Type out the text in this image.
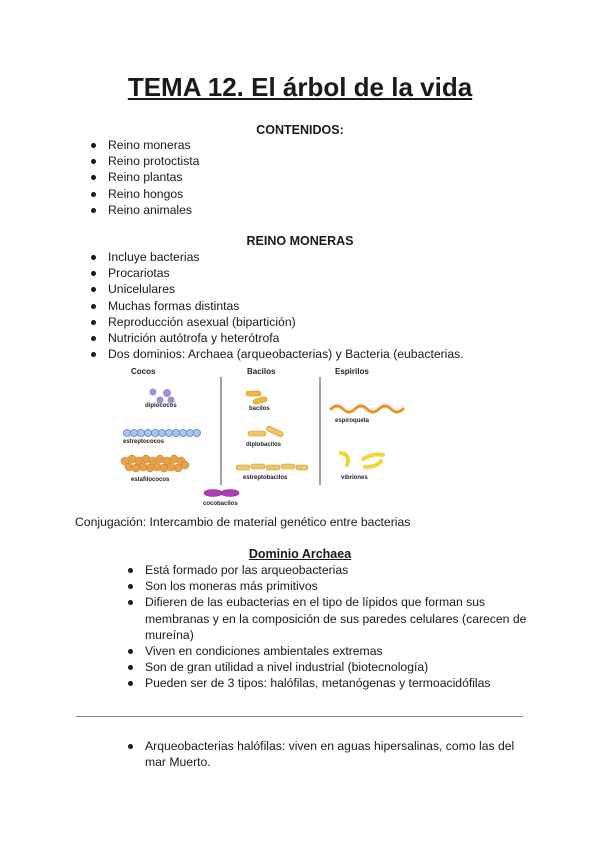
TEMA 12. El árbol de la vida
CONTENIDOS:
Reino moneras
Reino protoctista
Reino plantas
Reino hongos
Reino animales
REINO MONERAS
Incluye bacterias
Procariotas
Unicelulares
Muchas formas distintas
Reproducción asexual (bipartición)
Nutrición autótrofa y heterótrofa
Dos dominios: Archaea (arqueobacterias) y Bacteria (eubacterias.
Cocos	Bacilos	Espirilos
diplococos
estreptococos
estafilococos
bacilos
diplobacilos
estreptobacilos
espiroqueta
vibriones
cocobacilos
Conjugación: Intercambio de material genético entre bacterias
Dominio Archaea
Está formado por las arqueobacterias
Son los moneras más primitivos
Difieren de las eubacterias en el tipo de lípidos que forman sus membranas y en la composición de sus paredes celulares (carecen de mureína)
Viven en condiciones ambientales extremas
Son de gran utilidad a nivel industrial (biotecnología)
Pueden ser de 3 tipos: halófilas, metanógenas y termoacidófilas
Arqueobacterias halófilas: viven en aguas hipersalinas, como las del mar Muerto.
